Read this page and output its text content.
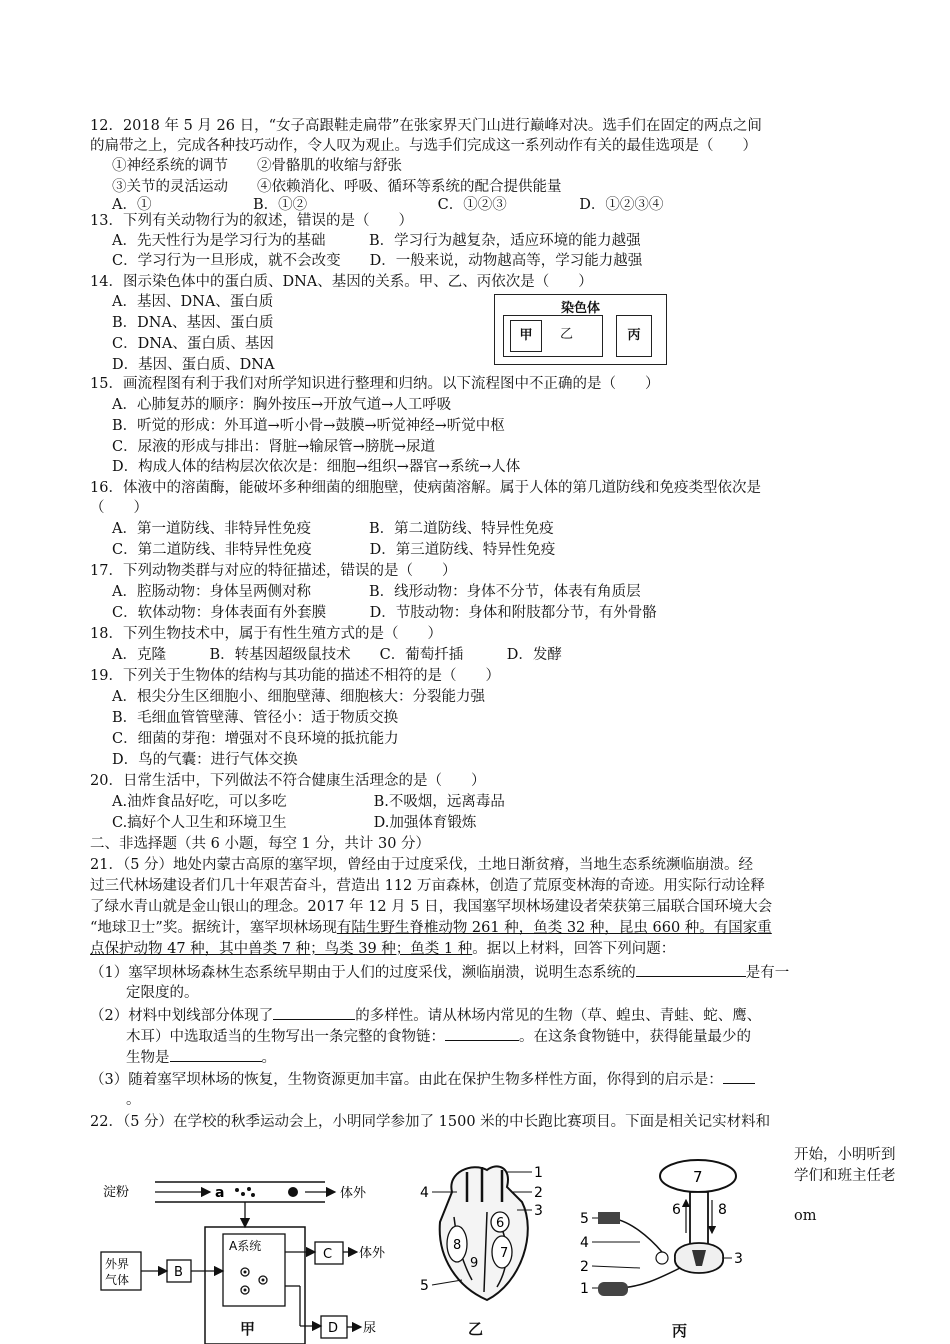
12．2018 年 5 月 26 日，“女子高跟鞋走扁带”在张家界天门山进行巅峰对决。选手们在固定的两点之间
的扁带之上，完成各种技巧动作，令人叹为观止。与选手们完成这一系列动作有关的最佳选项是（　　）
①神经系统的调节　　②骨骼肌的收缩与舒张
③关节的灵活运动　　④依赖消化、呼吸、循环等系统的配合提供能量
A．①　　　　　　　B．①②　　　　　　　　　C．①②③　　　　　D．①②③④
13．下列有关动物行为的叙述，错误的是（　　）
A．先天性行为是学习行为的基础　　　B．学习行为越复杂，适应环境的能力越强
C．学习行为一旦形成，就不会改变　　D．一般来说，动物越高等，学习能力越强
14．图示染色体中的蛋白质、DNA、基因的关系。甲、乙、丙依次是（　　）
A．基因、DNA、蛋白质
B．DNA、基因、蛋白质
C．DNA、蛋白质、基因
D．基因、蛋白质、DNA
染色体
甲	乙	丙
15．画流程图有利于我们对所学知识进行整理和归纳。以下流程图中不正确的是（　　）
A．心肺复苏的顺序：胸外按压→开放气道→人工呼吸
B．听觉的形成：外耳道→听小骨→鼓膜→听觉神经→听觉中枢
C．尿液的形成与排出：肾脏→输尿管→膀胱→尿道
D．构成人体的结构层次依次是：细胞→组织→器官→系统→人体
16．体液中的溶菌酶，能破坏多种细菌的细胞壁，使病菌溶解。属于人体的第几道防线和免疫类型依次是
（　　）
A．第一道防线、非特异性免疫　　　　B．第二道防线、特异性免疫
C．第二道防线、非特异性免疫　　　　D．第三道防线、特异性免疫
17．下列动物类群与对应的特征描述，错误的是（　　）
A．腔肠动物：身体呈两侧对称　　　　B．线形动物：身体不分节，体表有角质层
C．软体动物：身体表面有外套膜　　　D．节肢动物：身体和附肢都分节，有外骨骼
18．下列生物技术中，属于有性生殖方式的是（　　）
A．克隆　　　B．转基因超级鼠技术　　C．葡萄扦插　　　D．发酵
19．下列关于生物体的结构与其功能的描述不相符的是（　　）
A．根尖分生区细胞小、细胞壁薄、细胞核大：分裂能力强
B．毛细血管管壁薄、管径小：适于物质交换
C．细菌的芽孢：增强对不良环境的抵抗能力
D．鸟的气囊：进行气体交换
20．日常生活中，下列做法不符合健康生活理念的是（　　）
A.油炸食品好吃，可以多吃　　　　　　B.不吸烟，远离毒品
C.搞好个人卫生和环境卫生　　　　　　D.加强体育锻炼
二、非选择题（共 6 小题，每空 1 分，共计 30 分）
21．（5 分）地处内蒙古高原的塞罕坝，曾经由于过度采伐，土地日渐贫瘠，当地生态系统濒临崩溃。经
过三代林场建设者们几十年艰苦奋斗，营造出 112 万亩森林，创造了荒原变林海的奇迹。用实际行动诠释
了绿水青山就是金山银山的理念。2017 年 12 月 5 日，我国塞罕坝林场建设者荣获第三届联合国环境大会
“地球卫士”奖。据统计，塞罕坝林场现有陆生野生脊椎动物 261 种，鱼类 32 种，昆虫 660 种。有国家重
点保护动物 47 种，其中兽类 7 种；鸟类 39 种；鱼类 1 种。据以上材料，回答下列问题：
（1）塞罕坝林场森林生态系统早期由于人们的过度采伐，濒临崩溃，说明生态系统的	是有一
定限度的。
（2）材料中划线部分体现了	的多样性。请从林场内常见的生物（草、蝗虫、青蛙、蛇、鹰、
木耳）中选取适当的生物写出一条完整的食物链：	。在这条食物链中，获得能量最少的
生物是	。
（3）随着塞罕坝林场的恢复，生物资源更加丰富。由此在保护生物多样性方面，你得到的启示是：
。
22．（5 分）在学校的秋季运动会上，小明同学参加了 1500 米的中长跑比赛项目。下面是相关记实材料和
开始，小明听到
学们和班主任老
om
淀粉	a	体外
A系统
C 体外
外界
气体	B
D 尿
甲
1
2
3
4
5
6
7
8
9
乙
7
6	8
5
4
2
1
3
丙
